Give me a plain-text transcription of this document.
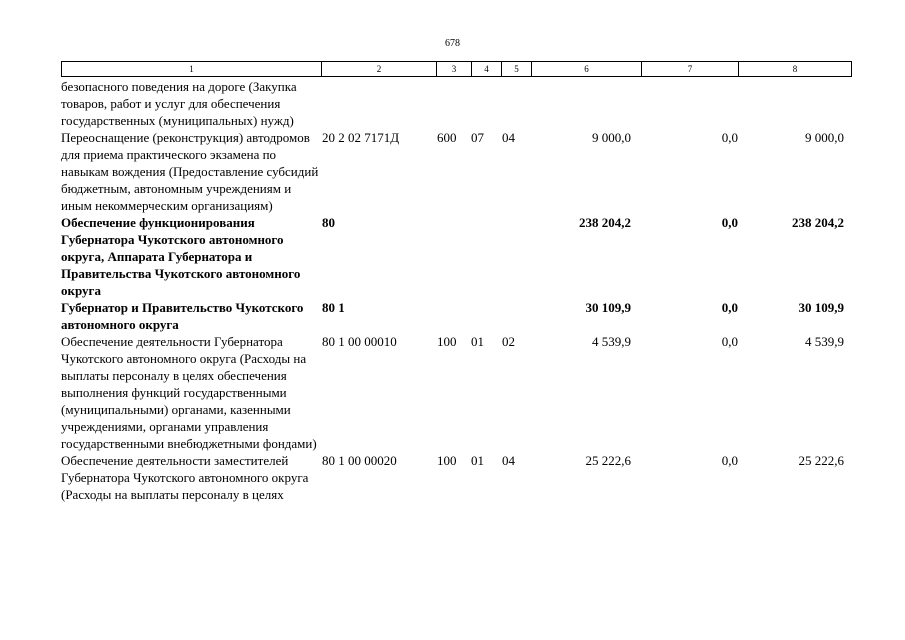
678
1	2	3	4	5	6	7	8
безопасного поведения на дороге (Закупка товаров, работ и услуг для обеспечения государственных (муниципальных) нужд)
Переоснащение (реконструкция) автодромов для приема практического экзамена по навыкам вождения (Предоставление субсидий бюджетным, автономным учреждениям и иным некоммерческим организациям)
20 2 02 7171Д	600 07 04	9 000,0	0,0	9 000,0
Обеспечение функционирования Губернатора Чукотского автономного округа, Аппарата Губернатора и Правительства Чукотского автономного округа
80	238 204,2	0,0	238 204,2
Губернатор и Правительство Чукотского автономного округа
80 1	30 109,9	0,0	30 109,9
Обеспечение деятельности Губернатора Чукотского автономного округа (Расходы на выплаты персоналу в целях обеспечения выполнения функций государственными (муниципальными) органами, казенными учреждениями, органами управления государственными внебюджетными фондами)
80 1 00 00010	100 01 02	4 539,9	0,0	4 539,9
Обеспечение деятельности заместителей Губернатора Чукотского автономного округа (Расходы на выплаты персоналу в целях
80 1 00 00020	100 01 04	25 222,6	0,0	25 222,6
